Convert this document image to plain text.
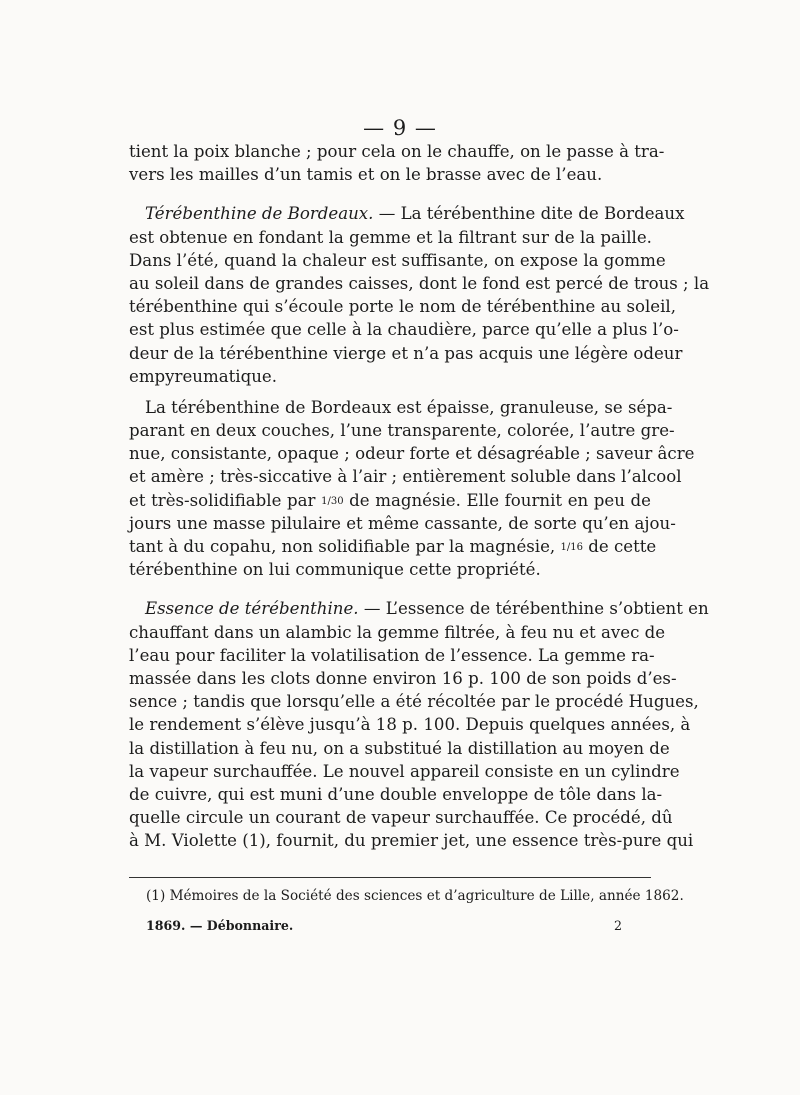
— 9 —
tient la poix blanche ; pour cela on le chauffe, on le passe à tra-
vers les mailles d’un tamis et on le brasse avec de l’eau.
Térébenthine de Bordeaux. — La térébenthine dite de Bordeaux
est obtenue en fondant la gemme et la filtrant sur de la paille.
Dans l’été, quand la chaleur est suffisante, on expose la gomme
au soleil dans de grandes caisses, dont le fond est percé de trous ; la
térébenthine qui s’écoule porte le nom de térébenthine au soleil,
est plus estimée que celle à la chaudière, parce qu’elle a plus l’o-
deur de la térébenthine vierge et n’a pas acquis une légère odeur
empyreumatique.
La térébenthine de Bordeaux est épaisse, granuleuse, se sépa-
parant en deux couches, l’une transparente, colorée, l’autre gre-
nue, consistante, opaque ; odeur forte et désagréable ; saveur âcre
et amère ; très-siccative à l’air ; entièrement soluble dans l’alcool
et très-solidifiable par 1/30 de magnésie. Elle fournit en peu de
jours une masse pilulaire et même cassante, de sorte qu’en ajou-
tant à du copahu, non solidifiable par la magnésie, 1/16 de cette
térébenthine on lui communique cette propriété.
Essence de térébenthine. — L’essence de térébenthine s’obtient en
chauffant dans un alambic la gemme filtrée, à feu nu et avec de
l’eau pour faciliter la volatilisation de l’essence. La gemme ra-
massée dans les clots donne environ 16 p. 100 de son poids d’es-
sence ; tandis que lorsqu’elle a été récoltée par le procédé Hugues,
le rendement s’élève jusqu’à 18 p. 100. Depuis quelques années, à
la distillation à feu nu, on a substitué la distillation au moyen de
la vapeur surchauffée. Le nouvel appareil consiste en un cylindre
de cuivre, qui est muni d’une double enveloppe de tôle dans la-
quelle circule un courant de vapeur surchauffée. Ce procédé, dû
à M. Violette (1), fournit, du premier jet, une essence très-pure qui
(1) Mémoires de la Société des sciences et d’agriculture de Lille, année 1862.
1869. — Débonnaire.	2
